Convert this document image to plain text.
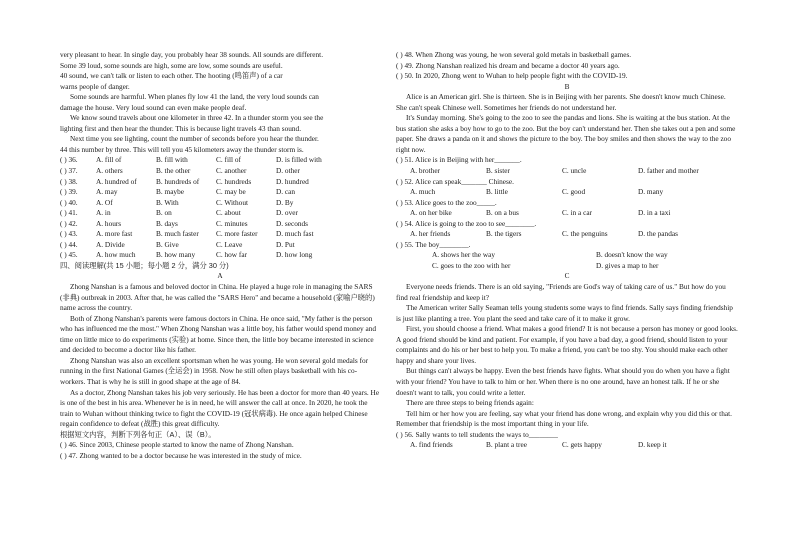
very pleasant to hear. In single day, you probably hear 38 sounds. All sounds are different.

Some 39 loud, some sounds are high, some are low, some sounds are useful.

40 sound, we can't talk or listen to each other. The hooting (鸣笛声) of a car

warns people of danger.

Some sounds are harmful. When planes fly low 41 the land, the very loud sounds can

damage the house. Very loud sound can even make people deaf.

We know sound travels about one kilometer in three 42. In a thunder storm you see the

lighting first and then hear the thunder. This is because light travels 43 than sound.

Next time you see lighting, count the number of seconds before you hear the thunder.

44 this number by three. This will tell you 45 kilometers away the thunder storm is.

( ) 36.	A. fill of	B. fill with	C. fill of	D. is filled with
( ) 37.	A. others	B. the other	C. another	D. other
( ) 38.	A. hundred of	B. hundreds of	C. hundreds	D. hundred
( ) 39.	A. may	B. maybe	C. may be	D. can
( ) 40.	A. Of	B. With	C. Without	D. By
( ) 41.	A. in	B. on	C. about	D. over
( ) 42.	A. hours	B. days	C. minutes	D. seconds
( ) 43.	A. more fast	B. much faster	C. more faster	D. much fast
( ) 44.	A. Divide	B. Give	C. Leave	D. Put
( ) 45.	A. how much	B. how many	C. how far	D. how long

四、阅读理解(共 15 小题；每小题 2 分，满分 30 分)

A

Zhong Nanshan is a famous and beloved doctor in China. He played a huge role in managing the SARS (非典) outbreak in 2003. After that, he was called the "SARS Hero" and became a household (家喻户晓的) name across the country.

Both of Zhong Nanshan's parents were famous doctors in China. He once said, "My father is the person who has influenced me the most." When Zhong Nanshan was a little boy, his father would spend money and time on little mice to do experiments (实验) at home. Since then, the little boy became interested in science and decided to become a doctor like his father.

Zhong Nanshan was also an excellent sportsman when he was young. He won several gold medals for running in the first National Games (全运会) in 1958. Now he still often plays basketball with his co-workers. That is why he is still in good shape at the age of 84.

As a doctor, Zhong Nanshan takes his job very seriously. He has been a doctor for more than 40 years. He is one of the best in his area. Whenever he is in need, he will answer the call at once. In 2020, he took the train to Wuhan without thinking twice to fight the COVID-19 (冠状病毒). He once again helped Chinese regain confidence to defeat (战胜) this great difficulty.

根据短文内容，判断下列各句正（A）、误（B）。

( ) 46. Since 2003, Chinese people started to know the name of Zhong Nanshan.

( ) 47. Zhong wanted to be a doctor because he was interested in the study of mice.

( ) 48. When Zhong was young, he won several gold metals in basketball games.

( ) 49. Zhong Nanshan realized his dream and became a doctor 40 years ago.

( ) 50. In 2020, Zhong went to Wuhan to help people fight with the COVID-19.

B

Alice is an American girl. She is thirteen. She is in Beijing with her parents. She doesn't know much Chinese. She can't speak Chinese well. Sometimes her friends do not understand her.

It's Sunday morning. She's going to the zoo to see the pandas and lions. She is waiting at the bus station. At the bus station she asks a boy how to go to the zoo. But the boy can't understand her. Then she takes out a pen and some paper. She draws a panda on it and shows the picture to the boy. The boy smiles and then shows the way to the zoo right now.

( ) 51. Alice is in Beijing with her_______.

A. brother	B. sister	C. uncle	D. father and mother

( ) 52. Alice can speak_______ Chinese.

A. much	B. little	C. good	D. many

( ) 53. Alice goes to the zoo_____.

A. on her bike	B. on a bus	C. in a car	D. in a taxi

( ) 54. Alice is going to the zoo to see________.

A. her friends	B. the tigers	C. the penguins	D. the pandas

( ) 55. The boy________.

A. shows her the way	B. doesn't know the way
C. goes to the zoo with her	D. gives a map to her

C

Everyone needs friends. There is an old saying, "Friends are God's way of taking care of us." But how do you find real friendship and keep it?

The American writer Sally Seaman tells young students some ways to find friends. Sally says finding friendship is just like planting a tree. You plant the seed and take care of it to make it grow.

First, you should choose a friend. What makes a good friend? It is not because a person has money or good looks. A good friend should be kind and patient. For example, if you have a bad day, a good friend, should listen to your complaints and do his or her best to help you. To make a friend, you can't be too shy. You should make each other happy and share your lives.

But things can't always be happy. Even the best friends have fights. What should you do when you have a fight with your friend? You have to talk to him or her. When there is no one around, have an honest talk. If he or she doesn't want to talk, you could write a letter.

There are three steps to being friends again:

Tell him or her how you are feeling, say what your friend has done wrong, and explain why you did this or that. Remember that friendship is the most important thing in your life.

( ) 56. Sally wants to tell students the ways to________

A. find friends	B. plant a tree	C. gets happy	D. keep it
